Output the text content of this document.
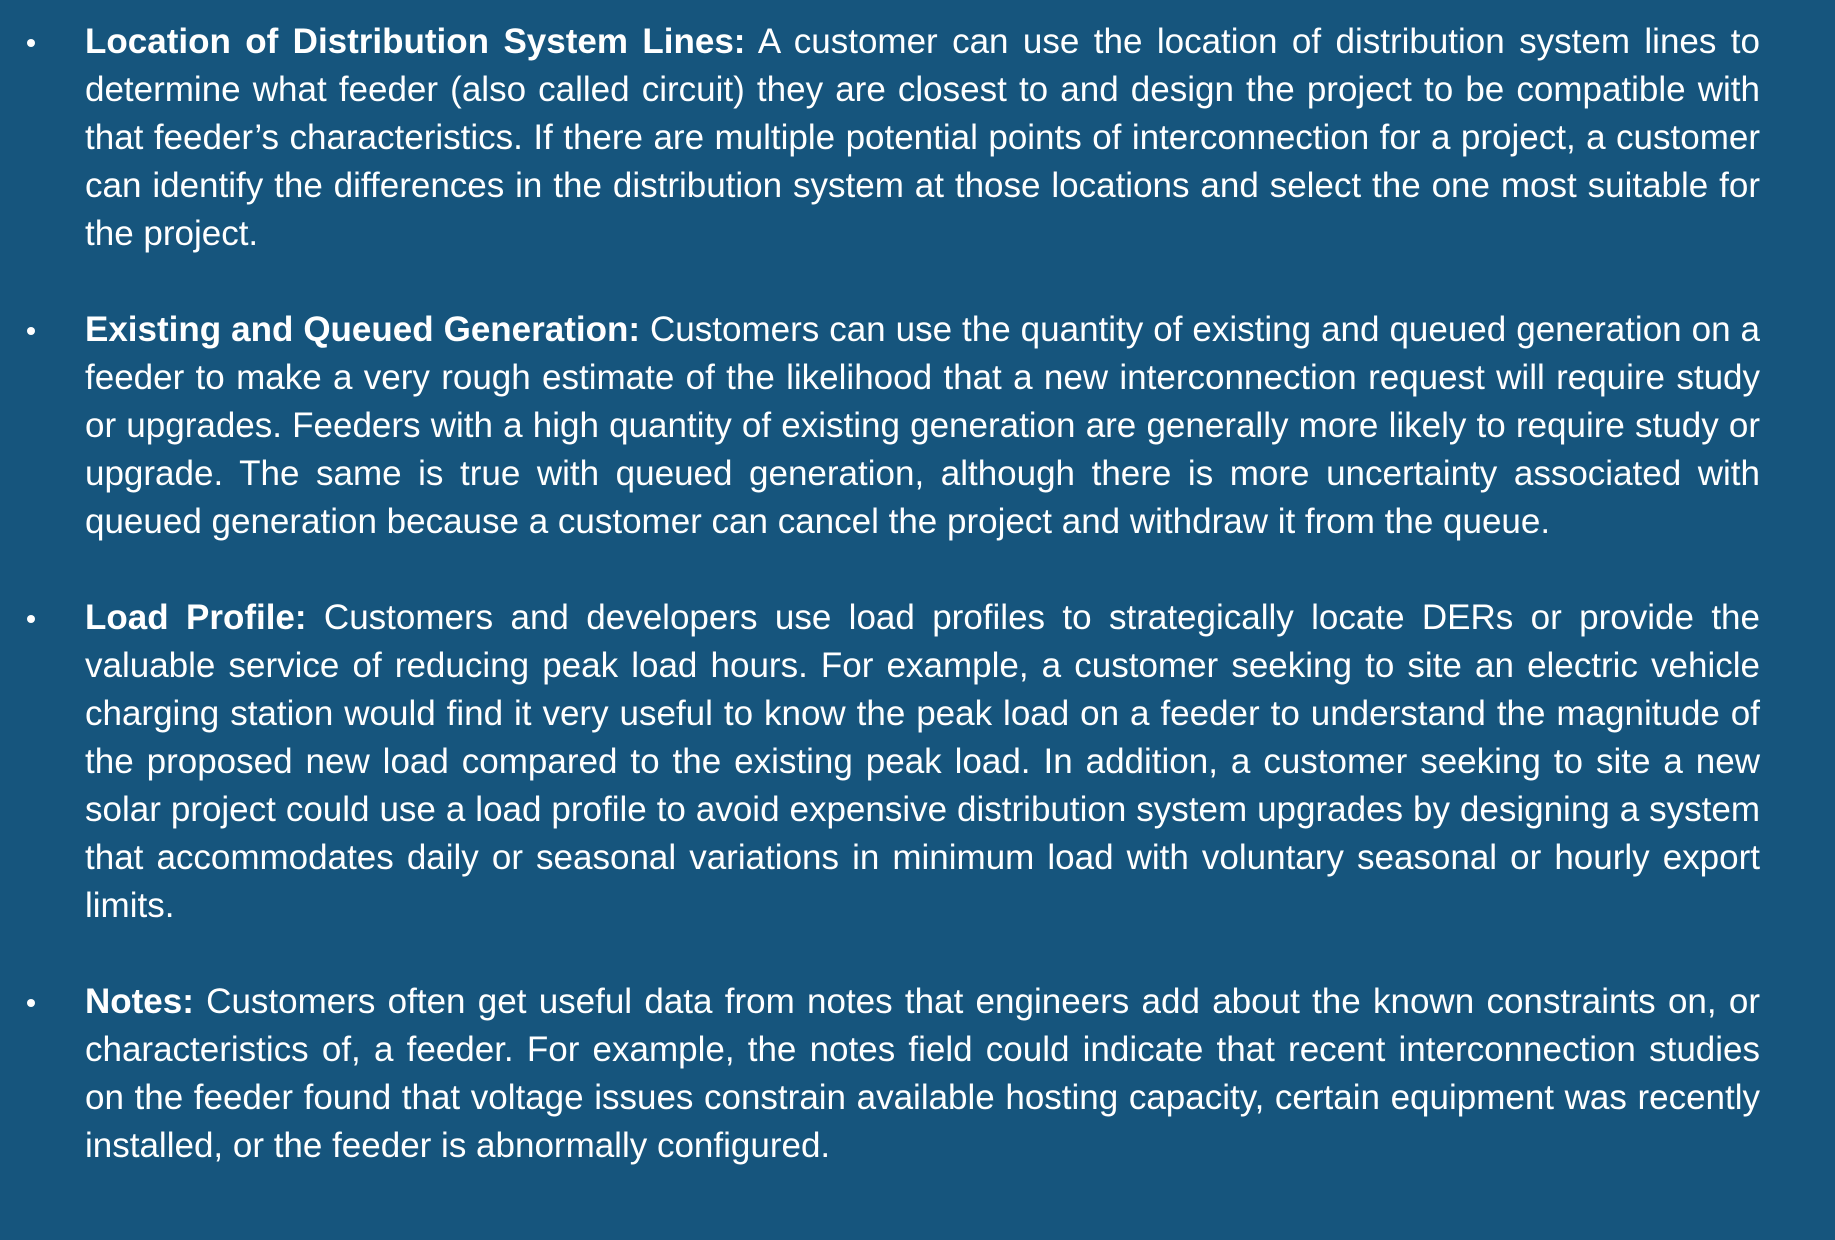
Location of Distribution System Lines: A customer can use the location of distribution system lines to determine what feeder (also called circuit) they are closest to and design the project to be compatible with that feeder’s characteristics. If there are multiple potential points of interconnection for a project, a customer can identify the differences in the distribution system at those locations and select the one most suitable for the project.
Existing and Queued Generation: Customers can use the quantity of existing and queued generation on a feeder to make a very rough estimate of the likelihood that a new interconnection request will require study or upgrades. Feeders with a high quantity of existing generation are generally more likely to require study or upgrade. The same is true with queued generation, although there is more uncertainty associated with queued generation because a customer can cancel the project and withdraw it from the queue.
Load Profile: Customers and developers use load profiles to strategically locate DERs or provide the valuable service of reducing peak load hours. For example, a customer seeking to site an electric vehicle charging station would find it very useful to know the peak load on a feeder to understand the magnitude of the proposed new load compared to the existing peak load. In addition, a customer seeking to site a new solar project could use a load profile to avoid expensive distribution system upgrades by designing a system that accommodates daily or seasonal variations in minimum load with voluntary seasonal or hourly export limits.
Notes: Customers often get useful data from notes that engineers add about the known constraints on, or characteristics of, a feeder. For example, the notes field could indicate that recent interconnection studies on the feeder found that voltage issues constrain available hosting capacity, certain equipment was recently installed, or the feeder is abnormally configured.
